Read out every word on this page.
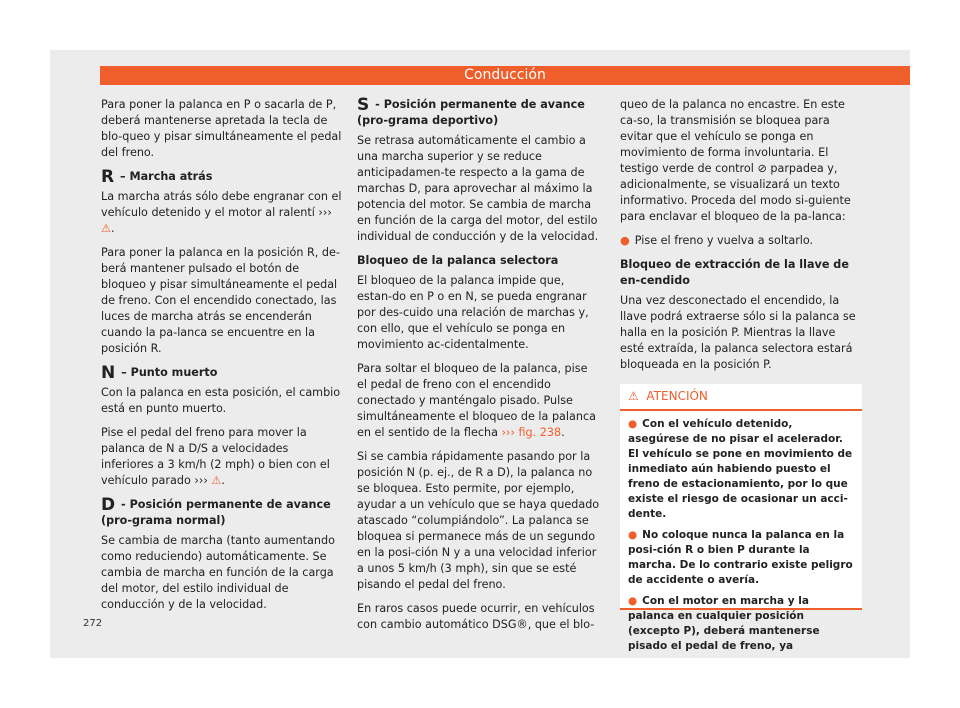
Conducción

Para poner la palanca en P o sacarla de P, deberá mantenerse apretada la tecla de blo-queo y pisar simultáneamente el pedal del freno.

R – Marcha atrás

La marcha atrás sólo debe engranar con el vehículo detenido y el motor al ralentí ››› ⚠.

Para poner la palanca en la posición R, de-berá mantener pulsado el botón de bloqueo y pisar simultáneamente el pedal de freno. Con el encendido conectado, las luces de marcha atrás se encenderán cuando la pa-lanca se encuentre en la posición R.

N – Punto muerto

Con la palanca en esta posición, el cambio está en punto muerto.

Pise el pedal del freno para mover la palanca de N a D/S a velocidades inferiores a 3 km/h (2 mph) o bien con el vehículo parado ››› ⚠.

D - Posición permanente de avance (pro-grama normal)

Se cambia de marcha (tanto aumentando como reduciendo) automáticamente. Se cambia de marcha en función de la carga del motor, del estilo individual de conducción y de la velocidad.

S - Posición permanente de avance (pro-grama deportivo)

Se retrasa automáticamente el cambio a una marcha superior y se reduce anticipadamen-te respecto a la gama de marchas D, para aprovechar al máximo la potencia del motor. Se cambia de marcha en función de la carga del motor, del estilo individual de conducción y de la velocidad.

Bloqueo de la palanca selectora

El bloqueo de la palanca impide que, estan-do en P o en N, se pueda engranar por des-cuido una relación de marchas y, con ello, que el vehículo se ponga en movimiento ac-cidentalmente.

Para soltar el bloqueo de la palanca, pise el pedal de freno con el encendido conectado y manténgalo pisado. Pulse simultáneamente el bloqueo de la palanca en el sentido de la flecha ››› fig. 238.

Si se cambia rápidamente pasando por la posición N (p. ej., de R a D), la palanca no se bloquea. Esto permite, por ejemplo, ayudar a un vehículo que se haya quedado atascado “columpiándolo”. La palanca se bloquea si permanece más de un segundo en la posi-ción N y a una velocidad inferior a unos 5 km/h (3 mph), sin que se esté pisando el pedal del freno.

En raros casos puede ocurrir, en vehículos con cambio automático DSG®, que el blo-

queo de la palanca no encastre. En este ca-so, la transmisión se bloquea para evitar que el vehículo se ponga en movimiento de forma involuntaria. El testigo verde de control ⊘ parpadea y, adicionalmente, se visualizará un texto informativo. Proceda del modo si-guiente para enclavar el bloqueo de la pa-lanca:

● Pise el freno y vuelva a soltarlo.

Bloqueo de extracción de la llave de en-cendido

Una vez desconectado el encendido, la llave podrá extraerse sólo si la palanca se halla en la posición P. Mientras la llave esté extraída, la palanca selectora estará bloqueada en la posición P.

⚠ ATENCIÓN

● Con el vehículo detenido, asegúrese de no pisar el acelerador. El vehículo se pone en movimiento de inmediato aún habiendo puesto el freno de estacionamiento, por lo que existe el riesgo de ocasionar un acci-dente.

● No coloque nunca la palanca en la posi-ción R o bien P durante la marcha. De lo contrario existe peligro de accidente o avería.

● Con el motor en marcha y la palanca en cualquier posición (excepto P), deberá mantenerse pisado el pedal de freno, ya

272
